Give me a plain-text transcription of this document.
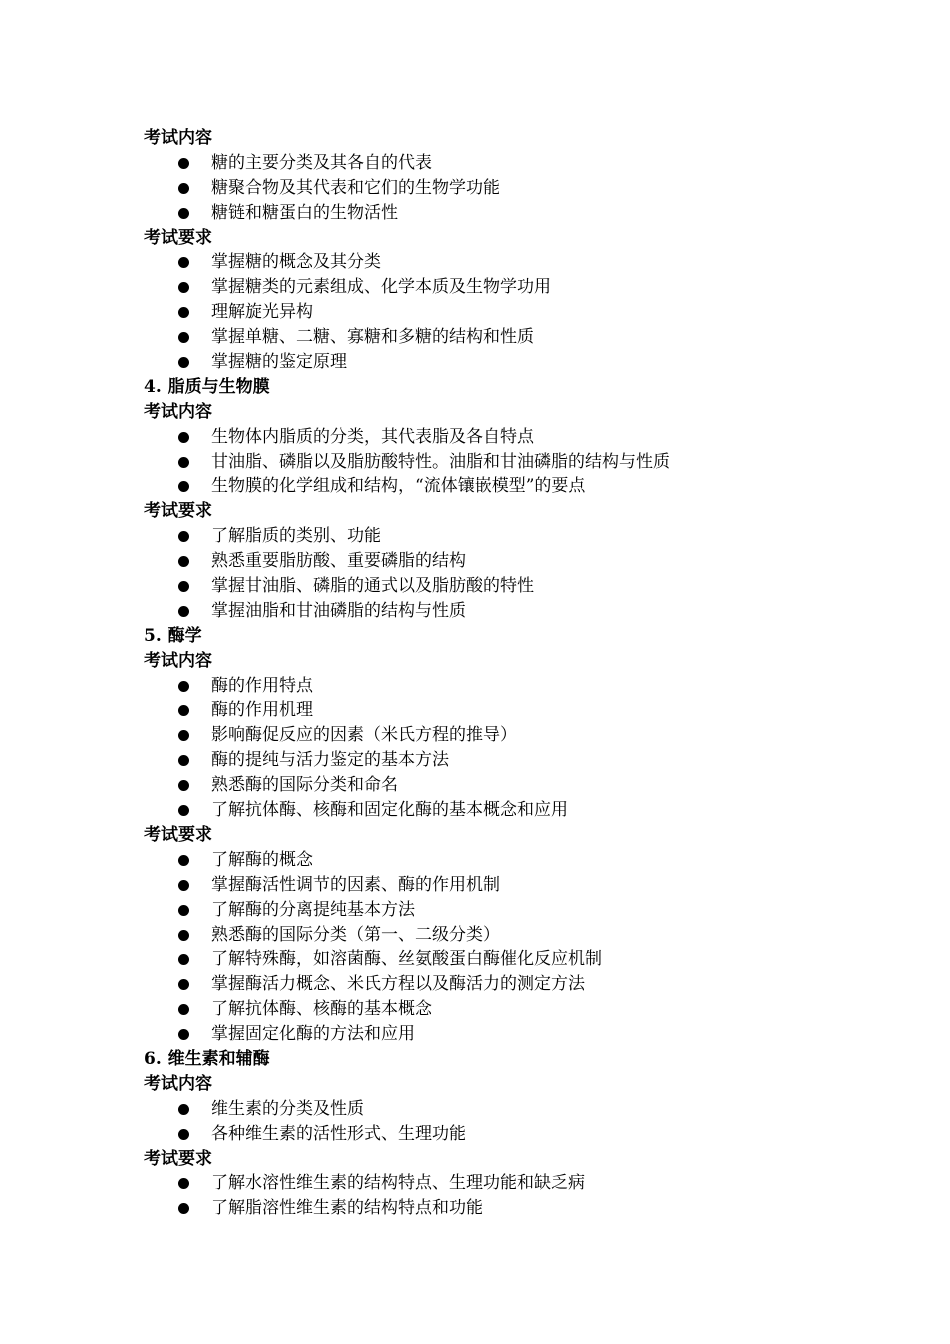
考试内容
糖的主要分类及其各自的代表
糖聚合物及其代表和它们的生物学功能
糖链和糖蛋白的生物活性
考试要求
掌握糖的概念及其分类
掌握糖类的元素组成、化学本质及生物学功用
理解旋光异构
掌握单糖、二糖、寡糖和多糖的结构和性质
掌握糖的鉴定原理
4. 脂质与生物膜
考试内容
生物体内脂质的分类，其代表脂及各自特点
甘油脂、磷脂以及脂肪酸特性。油脂和甘油磷脂的结构与性质
生物膜的化学组成和结构，“流体镶嵌模型”的要点
考试要求
了解脂质的类别、功能
熟悉重要脂肪酸、重要磷脂的结构
掌握甘油脂、磷脂的通式以及脂肪酸的特性
掌握油脂和甘油磷脂的结构与性质
5. 酶学
考试内容
酶的作用特点
酶的作用机理
影响酶促反应的因素（米氏方程的推导）
酶的提纯与活力鉴定的基本方法
熟悉酶的国际分类和命名
了解抗体酶、核酶和固定化酶的基本概念和应用
考试要求
了解酶的概念
掌握酶活性调节的因素、酶的作用机制
了解酶的分离提纯基本方法
熟悉酶的国际分类（第一、二级分类）
了解特殊酶，如溶菌酶、丝氨酸蛋白酶催化反应机制
掌握酶活力概念、米氏方程以及酶活力的测定方法
了解抗体酶、核酶的基本概念
掌握固定化酶的方法和应用
6. 维生素和辅酶
考试内容
维生素的分类及性质
各种维生素的活性形式、生理功能
考试要求
了解水溶性维生素的结构特点、生理功能和缺乏病
了解脂溶性维生素的结构特点和功能
